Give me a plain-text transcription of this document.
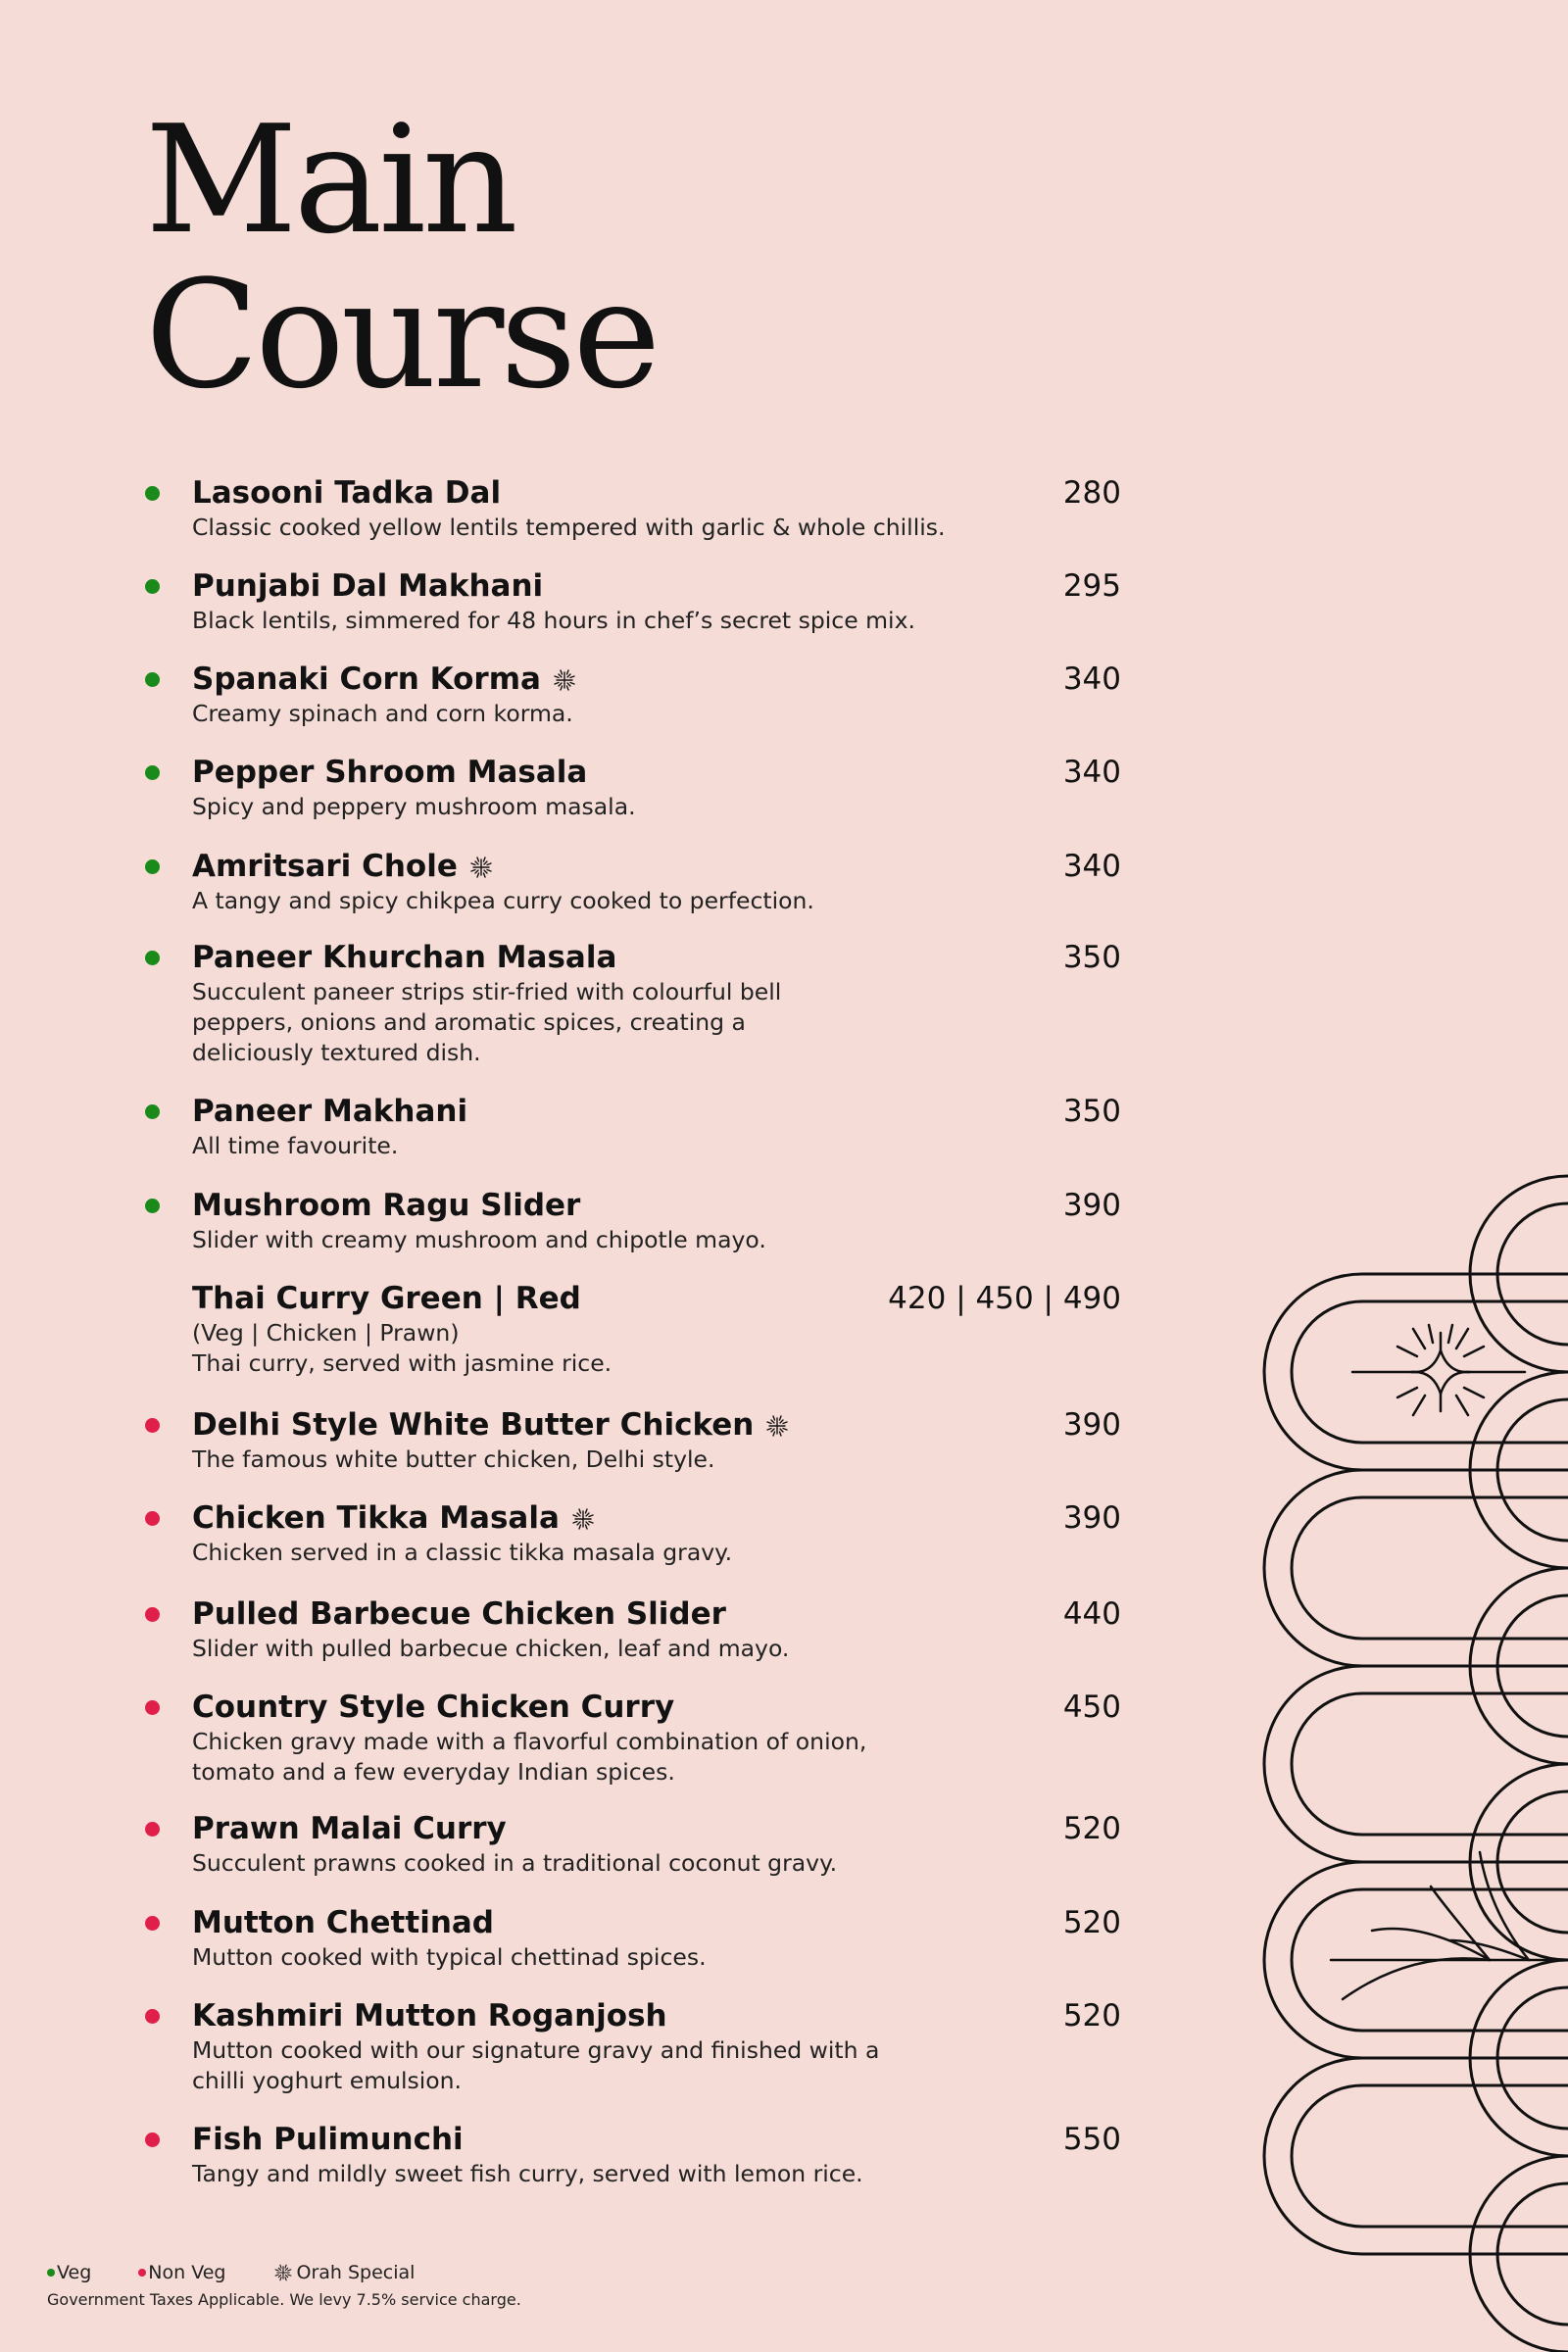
Main
Course
Lasooni Tadka Dal	280
Classic cooked yellow lentils tempered with garlic & whole chillis.
Punjabi Dal Makhani	295
Black lentils, simmered for 48 hours in chef’s secret spice mix.
Spanaki Corn Korma	340
Creamy spinach and corn korma.
Pepper Shroom Masala	340
Spicy and peppery mushroom masala.
Amritsari Chole	340
A tangy and spicy chikpea curry cooked to perfection.
Paneer Khurchan Masala	350
Succulent paneer strips stir-fried with colourful bell
peppers, onions and aromatic spices, creating a
deliciously textured dish.
Paneer Makhani	350
All time favourite.
Mushroom Ragu Slider	390
Slider with creamy mushroom and chipotle mayo.
Thai Curry Green | Red	420 | 450 | 490
(Veg | Chicken | Prawn)
Thai curry, served with jasmine rice.
Delhi Style White Butter Chicken	390
The famous white butter chicken, Delhi style.
Chicken Tikka Masala	390
Chicken served in a classic tikka masala gravy.
Pulled Barbecue Chicken Slider	440
Slider with pulled barbecue chicken, leaf and mayo.
Country Style Chicken Curry	450
Chicken gravy made with a flavorful combination of onion,
tomato and a few everyday Indian spices.
Prawn Malai Curry	520
Succulent prawns cooked in a traditional coconut gravy.
Mutton Chettinad	520
Mutton cooked with typical chettinad spices.
Kashmiri Mutton Roganjosh	520
Mutton cooked with our signature gravy and finished with a
chilli yoghurt emulsion.
Fish Pulimunchi	550
Tangy and mildly sweet fish curry, served with lemon rice.
Veg	Non Veg	Orah Special
Government Taxes Applicable. We levy 7.5% service charge.
